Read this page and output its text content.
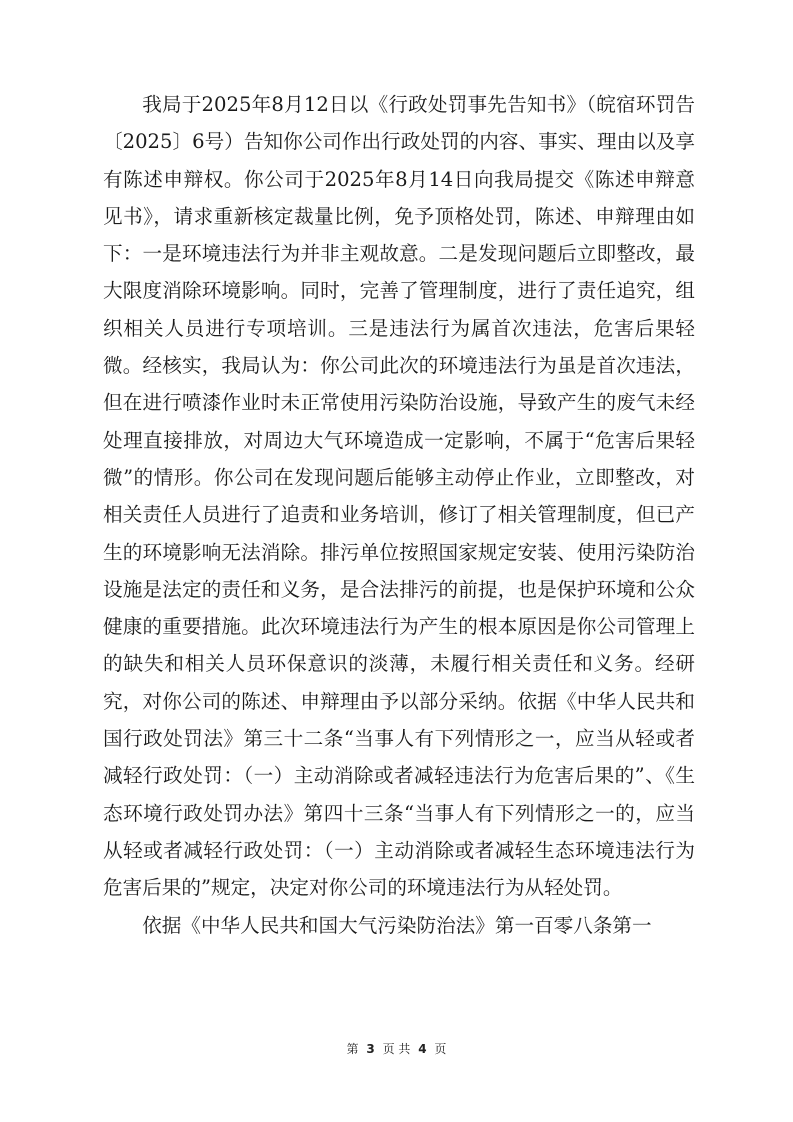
我局于2025年8月12日以《行政处罚事先告知书》（皖宿环罚告〔2025〕6号）告知你公司作出行政处罚的内容、事实、理由以及享有陈述申辩权。你公司于2025年8月14日向我局提交《陈述申辩意见书》，请求重新核定裁量比例，免予顶格处罚，陈述、申辩理由如下：一是环境违法行为并非主观故意。二是发现问题后立即整改，最大限度消除环境影响。同时，完善了管理制度，进行了责任追究，组织相关人员进行专项培训。三是违法行为属首次违法，危害后果轻微。经核实，我局认为：你公司此次的环境违法行为虽是首次违法，但在进行喷漆作业时未正常使用污染防治设施，导致产生的废气未经处理直接排放，对周边大气环境造成一定影响，不属于“危害后果轻微”的情形。你公司在发现问题后能够主动停止作业，立即整改，对相关责任人员进行了追责和业务培训，修订了相关管理制度，但已产生的环境影响无法消除。排污单位按照国家规定安装、使用污染防治设施是法定的责任和义务，是合法排污的前提，也是保护环境和公众健康的重要措施。此次环境违法行为产生的根本原因是你公司管理上的缺失和相关人员环保意识的淡薄，未履行相关责任和义务。经研究，对你公司的陈述、申辩理由予以部分采纳。依据《中华人民共和国行政处罚法》第三十二条“当事人有下列情形之一，应当从轻或者减轻行政处罚：（一）主动消除或者减轻违法行为危害后果的”、《生态环境行政处罚办法》第四十三条“当事人有下列情形之一的，应当从轻或者减轻行政处罚：（一）主动消除或者减轻生态环境违法行为危害后果的”规定，决定对你公司的环境违法行为从轻处罚。

依据《中华人民共和国大气污染防治法》第一百零八条第一

第 3 页 共 4 页
